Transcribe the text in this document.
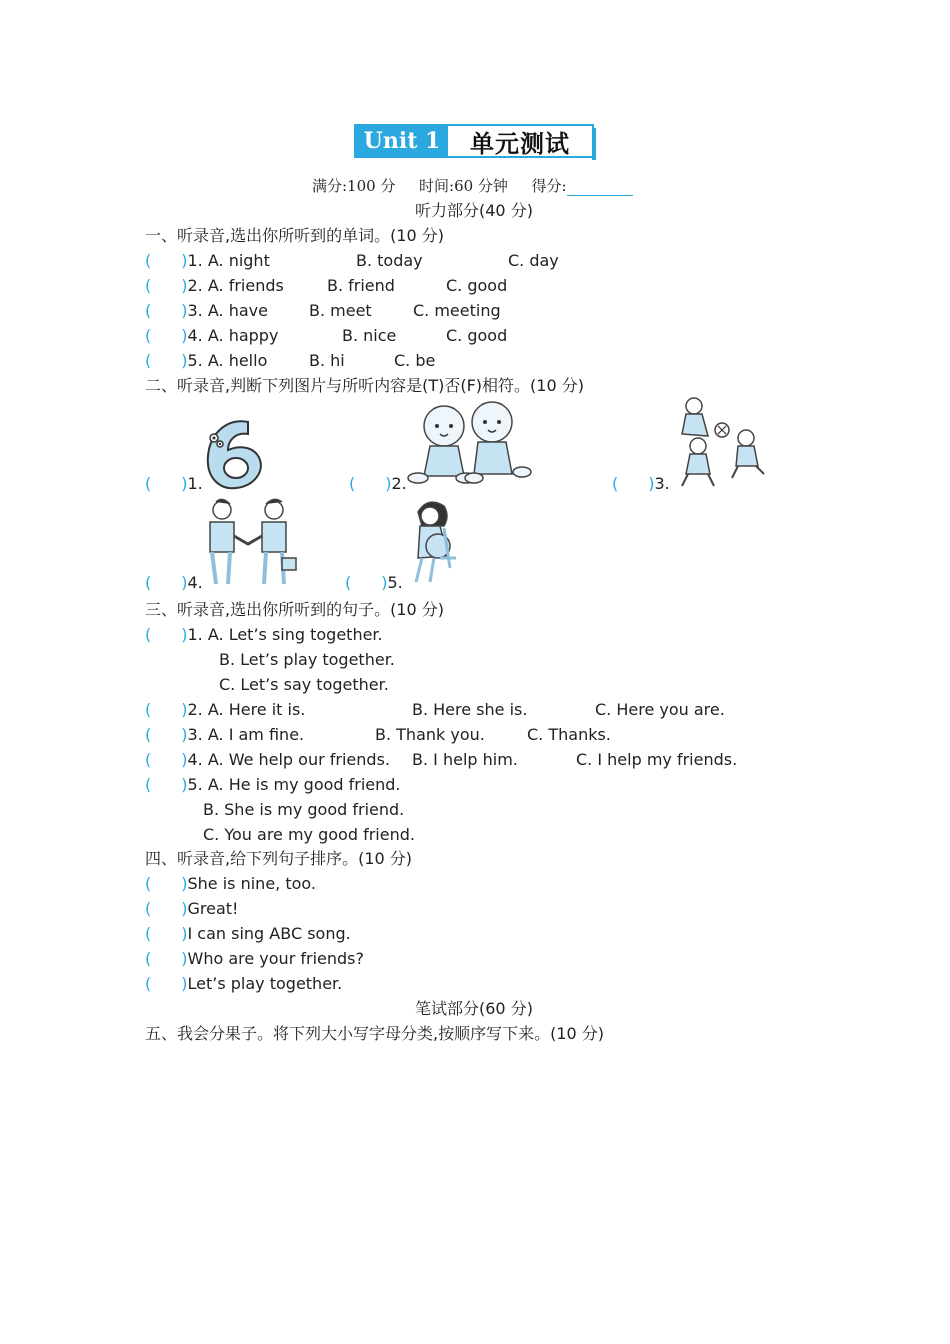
Unit 1	单元测试
满分:100 分 时间:60 分钟 得分:
听力部分(40 分)
一、听录音,选出你所听到的单词。(10 分)
( )1. A. night	B. today	C. day
( )2. A. friends	B. friend	C. good
( )3. A. have	B. meet	C. meeting
( )4. A. happy	B. nice	C. good
( )5. A. hello	B. hi	C. be
二、听录音,判断下列图片与所听内容是(T)否(F)相符。(10 分)
( )1.	( )2.	( )3.
( )4.	( )5.
三、听录音,选出你所听到的句子。(10 分)
( )1. A. Let’s sing together.
B. Let’s play together.
C. Let’s say together.
( )2. A. Here it is.	B. Here she is.	C. Here you are.
( )3. A. I am fine.	B. Thank you.	C. Thanks.
( )4. A. We help our friends. B. I help him.	C. I help my friends.
( )5. A. He is my good friend.
B. She is my good friend.
C. You are my good friend.
四、听录音,给下列句子排序。(10 分)
( )She is nine, too.
( )Great!
( )I can sing ABC song.
( )Who are your friends?
( )Let’s play together.
笔试部分(60 分)
五、我会分果子。将下列大小写字母分类,按顺序写下来。(10 分)
